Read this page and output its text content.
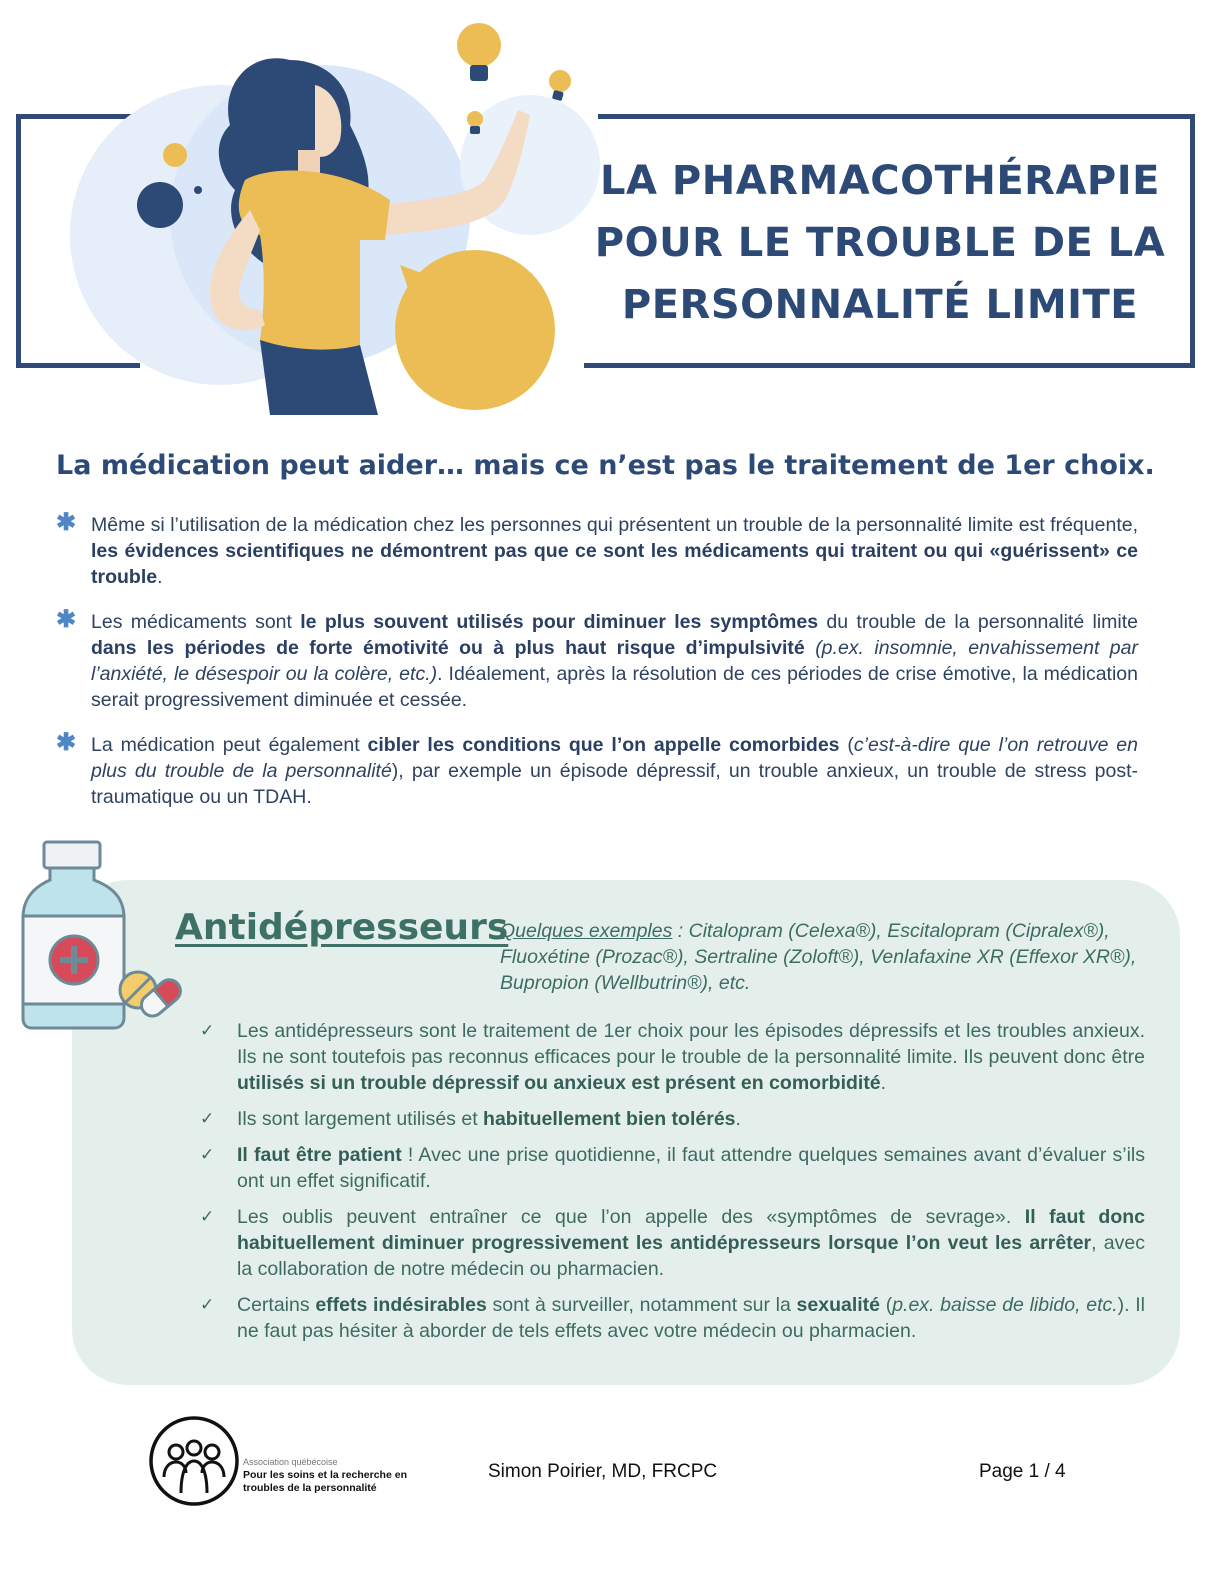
LA PHARMACOTHÉRAPIE
POUR LE TROUBLE DE LA
PERSONNALITÉ LIMITE
La médication peut aider… mais ce n’est pas le traitement de 1er choix.
✱ Même si l’utilisation de la médication chez les personnes qui présentent un trouble de la personnalité limite est fréquente, les évidences scientifiques ne démontrent pas que ce sont les médicaments qui traitent ou qui «guérissent» ce trouble.
✱ Les médicaments sont le plus souvent utilisés pour diminuer les symptômes du trouble de la personnalité limite dans les périodes de forte émotivité ou à plus haut risque d’impulsivité (p.ex. insomnie, envahissement par l’anxiété, le désespoir ou la colère, etc.). Idéalement, après la résolution de ces périodes de crise émotive, la médication serait progressivement diminuée et cessée.
✱ La médication peut également cibler les conditions que l’on appelle comorbides (c’est-à-dire que l’on retrouve en plus du trouble de la personnalité), par exemple un épisode dépressif, un trouble anxieux, un trouble de stress post-traumatique ou un TDAH.
Antidépresseurs
Quelques exemples : Citalopram (Celexa®), Escitalopram (Cipralex®), Fluoxétine (Prozac®), Sertraline (Zoloft®), Venlafaxine XR (Effexor XR®), Bupropion (Wellbutrin®), etc.
✓ Les antidépresseurs sont le traitement de 1er choix pour les épisodes dépressifs et les troubles anxieux. Ils ne sont toutefois pas reconnus efficaces pour le trouble de la personnalité limite. Ils peuvent donc être utilisés si un trouble dépressif ou anxieux est présent en comorbidité.
✓ Ils sont largement utilisés et habituellement bien tolérés.
✓ Il faut être patient ! Avec une prise quotidienne, il faut attendre quelques semaines avant d’évaluer s’ils ont un effet significatif.
✓ Les oublis peuvent entraîner ce que l’on appelle des «symptômes de sevrage». Il faut donc habituellement diminuer progressivement les antidépresseurs lorsque l’on veut les arrêter, avec la collaboration de notre médecin ou pharmacien.
✓ Certains effets indésirables sont à surveiller, notamment sur la sexualité (p.ex. baisse de libido, etc.). Il ne faut pas hésiter à aborder de tels effets avec votre médecin ou pharmacien.
Association québécoise
Pour les soins et la recherche en
troubles de la personnalité
Simon Poirier, MD, FRCPC	Page 1 / 4
